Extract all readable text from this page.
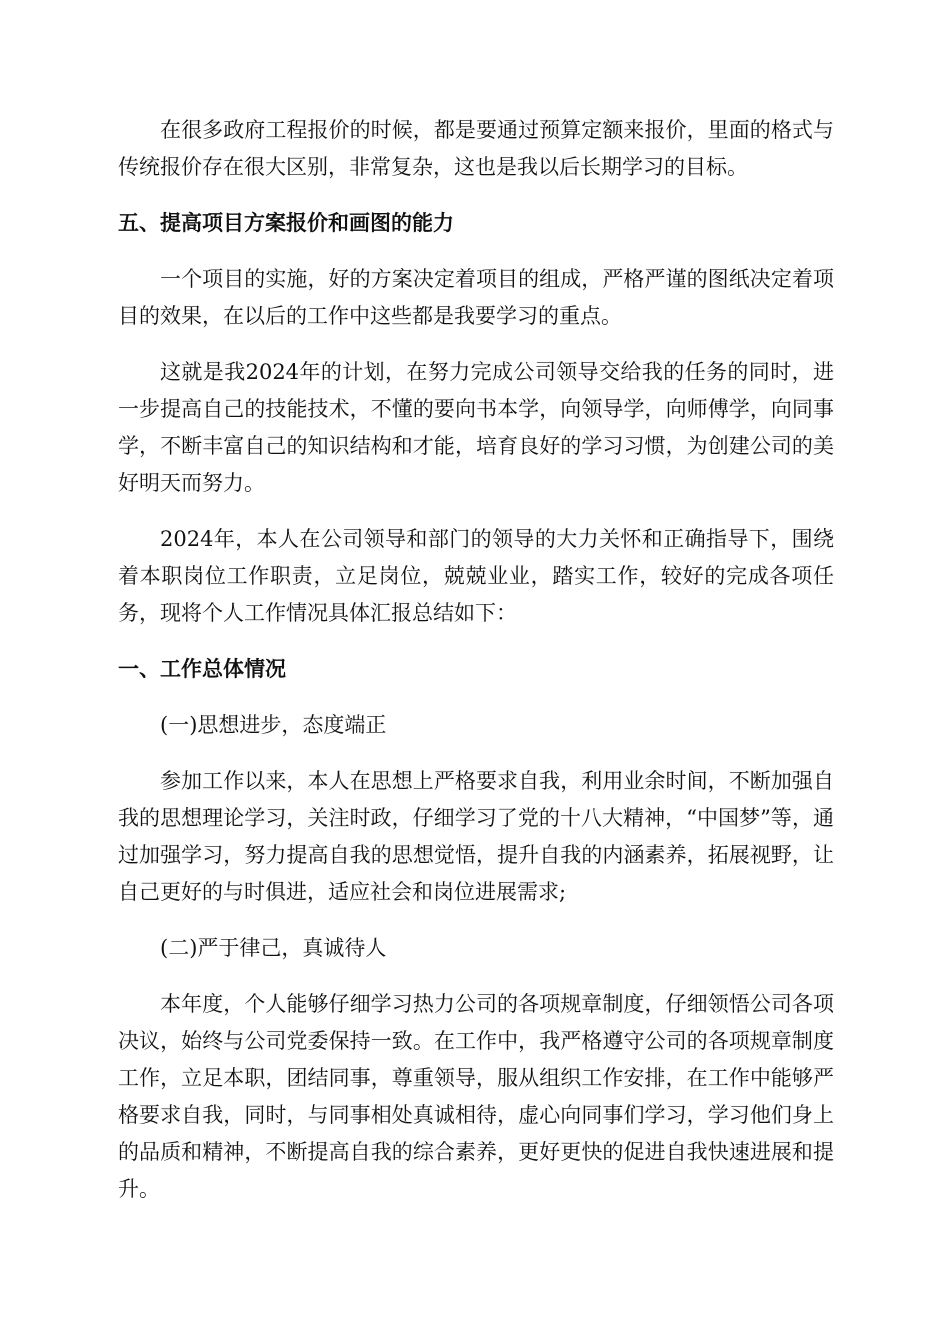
在很多政府工程报价的时候，都是要通过预算定额来报价，里面的格式与传统报价存在很大区别，非常复杂，这也是我以后长期学习的目标。

五、提高项目方案报价和画图的能力

一个项目的实施，好的方案决定着项目的组成，严格严谨的图纸决定着项目的效果，在以后的工作中这些都是我要学习的重点。

这就是我2024年的计划，在努力完成公司领导交给我的任务的同时，进一步提高自己的技能技术，不懂的要向书本学，向领导学，向师傅学，向同事学，不断丰富自己的知识结构和才能，培育良好的学习习惯，为创建公司的美好明天而努力。

2024年，本人在公司领导和部门的领导的大力关怀和正确指导下，围绕着本职岗位工作职责，立足岗位，兢兢业业，踏实工作，较好的完成各项任务，现将个人工作情况具体汇报总结如下：

一、工作总体情况

(一)思想进步，态度端正

参加工作以来，本人在思想上严格要求自我，利用业余时间，不断加强自我的思想理论学习，关注时政，仔细学习了党的十八大精神，“中国梦”等，通过加强学习，努力提高自我的思想觉悟，提升自我的内涵素养，拓展视野，让自己更好的与时俱进，适应社会和岗位进展需求;

(二)严于律己，真诚待人

本年度，个人能够仔细学习热力公司的各项规章制度，仔细领悟公司各项决议，始终与公司党委保持一致。在工作中，我严格遵守公司的各项规章制度工作，立足本职，团结同事，尊重领导，服从组织工作安排，在工作中能够严格要求自我，同时，与同事相处真诚相待，虚心向同事们学习，学习他们身上的品质和精神，不断提高自我的综合素养，更好更快的促进自我快速进展和提升。
